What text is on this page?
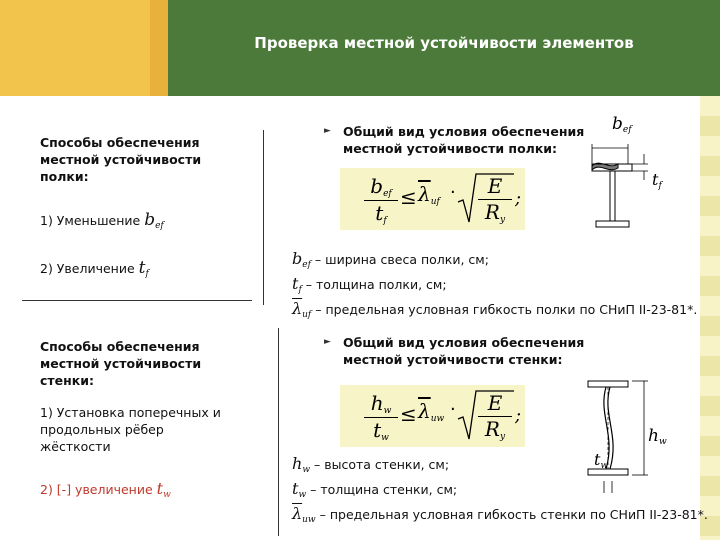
Проверка местной устойчивости элементов
Способы обеспечения
местной устойчивости
полки:
1) Уменьшение $b_{ef}$
2) Увеличение $t_f$
Способы обеспечения
местной устойчивости
стенки:
1) Установка поперечных и
продольных рёбер
жёсткости
2) [-] увеличение $t_w$
► Общий вид условия обеспечения
местной устойчивости полки:
$b_{ef}$
$t_f$
≤ $\overline{\lambda}_{uf}$ ·	E
$R_y$
;
$b_{ef}$
$t_f$
$b_{ef}$ – ширина свеса полки, см;
$t_f$ – толщина полки, см;
$\overline{\lambda}_{uf}$ – предельная условная гибкость полки по СНиП II-23-81*.
► Общий вид условия обеспечения
местной устойчивости стенки:
$h_w$
$t_w$
≤ $\overline{\lambda}_{uw}$ ·	E
$R_y$
;
$h_w$
$t_w$
$h_w$ – высота стенки, см;
$t_w$ – толщина стенки, см;
$\overline{\lambda}_{uw}$ – предельная условная гибкость стенки по СНиП II-23-81*.
